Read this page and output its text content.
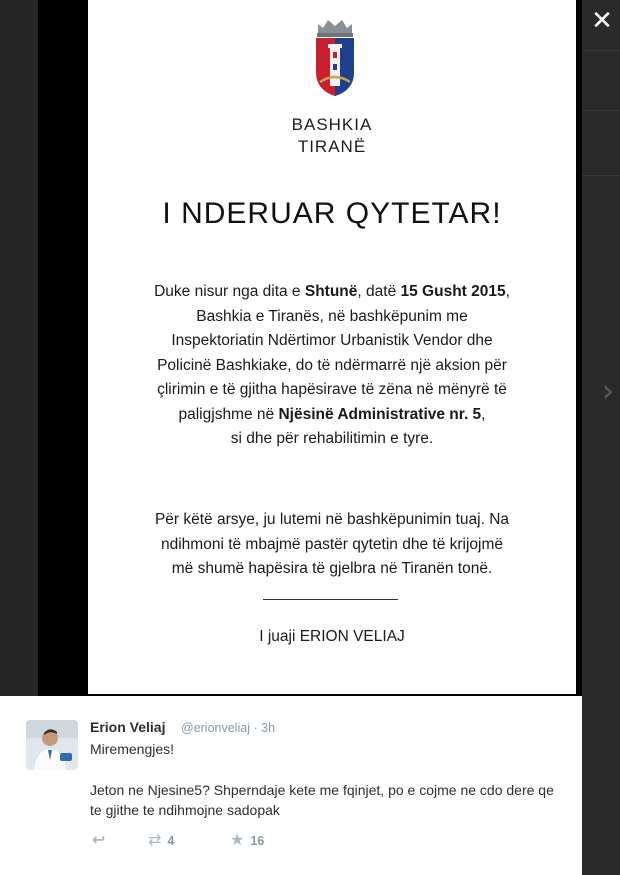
✕
›
BASHKIA
TIRANË
I NDERUAR QYTETAR!
Duke nisur nga dita e Shtunë, datë 15 Gusht 2015,
Bashkia e Tiranës, në bashkëpunim me
Inspektoriatin Ndërtimor Urbanistik Vendor dhe
Policinë Bashkiake, do të ndërmarrë një aksion për
çlirimin e të gjitha hapësirave të zëna në mënyrë të
paligjshme në Njësinë Administrative nr. 5,
si dhe për rehabilitimin e tyre.
Për këtë arsye, ju lutemi në bashkëpunimin tuaj. Na
ndihmoni të mbajmë pastër qytetin dhe të krijojmë
më shumë hapësira të gjelbra në Tiranën tonë.
I juaji ERION VELIAJ
Erion Veliaj @erionveliaj · 3h
Miremengjes!
Jeton ne Njesine5? Shperndaje kete me fqinjet, po e cojme ne cdo dere qe te gjithe te ndihmojne sadopak
↩	⇄ 4	★ 16
